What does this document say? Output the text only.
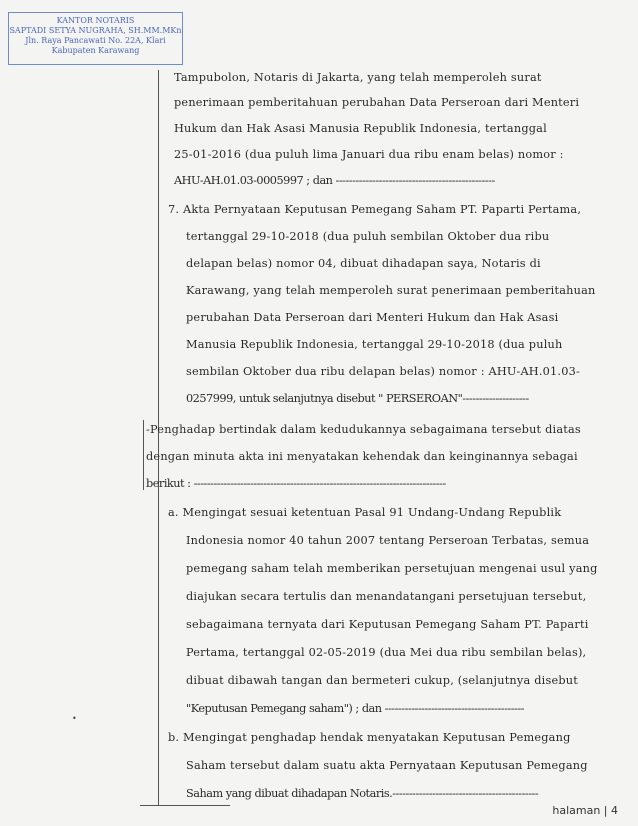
KANTOR NOTARIS
SAPTADI SETYA NUGRAHA, SH.MM.MKn
Jln. Raya Pancawati No. 22A, Klari
Kabupaten Karawang
•
Tampubolon, Notaris di Jakarta, yang telah memperoleh surat
penerimaan pemberitahuan perubahan Data Perseroan dari Menteri
Hukum dan Hak Asasi Manusia Republik Indonesia, tertanggal
25-01-2016 (dua puluh lima Januari dua ribu enam belas) nomor :
AHU-AH.01.03-0005997 ; dan ------------------------------------------------
7. Akta Pernyataan Keputusan Pemegang Saham PT. Paparti Pertama,
tertanggal 29-10-2018 (dua puluh sembilan Oktober dua ribu
delapan belas) nomor 04, dibuat dihadapan saya, Notaris di
Karawang, yang telah memperoleh surat penerimaan pemberitahuan
perubahan Data Perseroan dari Menteri Hukum dan Hak Asasi
Manusia Republik Indonesia, tertanggal 29-10-2018 (dua puluh
sembilan Oktober dua ribu delapan belas) nomor : AHU-AH.01.03-
0257999, untuk selanjutnya disebut " PERSEROAN"--------------------
-Penghadap bertindak dalam kedudukannya sebagaimana tersebut diatas
dengan minuta akta ini menyatakan kehendak dan keinginannya sebagai
berikut : ----------------------------------------------------------------------------
a. Mengingat sesuai ketentuan Pasal 91 Undang-Undang Republik
Indonesia nomor 40 tahun 2007 tentang Perseroan Terbatas, semua
pemegang saham telah memberikan persetujuan mengenai usul yang
diajukan secara tertulis dan menandatangani persetujuan tersebut,
sebagaimana ternyata dari Keputusan Pemegang Saham PT. Paparti
Pertama, tertanggal 02-05-2019 (dua Mei dua ribu sembilan belas),
dibuat dibawah tangan dan bermeteri cukup, (selanjutnya disebut
"Keputusan Pemegang saham") ; dan ------------------------------------------
b. Mengingat penghadap hendak menyatakan Keputusan Pemegang
Saham tersebut dalam suatu akta Pernyataan Keputusan Pemegang
Saham yang dibuat dihadapan Notaris.--------------------------------------------
halaman | 4
